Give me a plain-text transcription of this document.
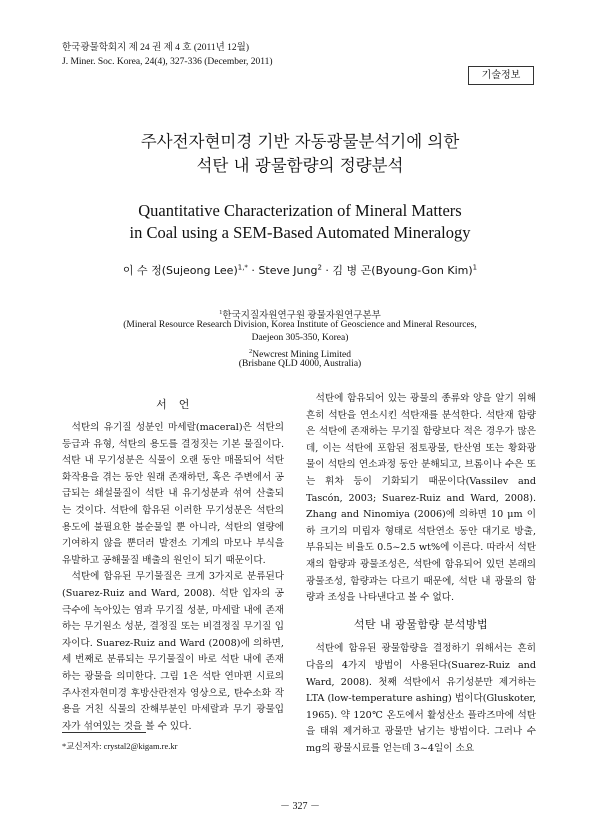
한국광물학회지 제 24 권 제 4 호 (2011년 12월)
J. Miner. Soc. Korea, 24(4), 327-336 (December, 2011)
기술정보
주사전자현미경 기반 자동광물분석기에 의한
석탄 내 광물함량의 정량분석
Quantitative Characterization of Mineral Matters
in Coal using a SEM-Based Automated Mineralogy
이 수 정(Sujeong Lee)$^{1,*}$ · Steve Jung$^2$ · 김 병 곤(Byoung-Gon Kim)$^1$
$^1$한국지질자원연구원 광물자원연구본부
(Mineral Resource Research Division, Korea Institute of Geoscience and Mineral Resources,
Daejeon 305-350, Korea)
$^2$Newcrest Mining Limited
(Brisbane QLD 4000, Australia)
서　언

석탄의 유기질 성분인 마세랄(maceral)은 석탄의 등급과 유형, 석탄의 용도를 결정짓는 기본 물질이다. 석탄 내 무기성분은 식물이 오랜 동안 매몰되어 석탄화작용을 겪는 동안 원래 존재하던, 혹은 주변에서 공급되는 쇄설물질이 석탄 내 유기성분과 섞여 산출되는 것이다. 석탄에 함유된 이러한 무기성분은 석탄의 용도에 불필요한 불순물일 뿐 아니라, 석탄의 열량에 기여하지 않을 뿐더러 발전소 기계의 마모나 부식을 유발하고 공해물질 배출의 원인이 되기 때문이다.

석탄에 함유된 무기물질은 크게 3가지로 분류된다(Suarez-Ruiz and Ward, 2008). 석탄 입자의 공극수에 녹아있는 염과 무기질 성분, 마세랄 내에 존재하는 무기원소 성분, 결정질 또는 비결정질 무기질 입자이다. Suarez-Ruiz and Ward (2008)에 의하면, 세 번째로 분류되는 무기물질이 바로 석탄 내에 존재하는 광물을 의미한다. 그림 1은 석탄 연마편 시료의 주사전자현미경 후방산란전자 영상으로, 탄수소화 작용을 거친 식물의 잔해부분인 마세랄과 무기 광물입자가 섞여있는 것을 볼 수 있다.

석탄에 함유되어 있는 광물의 종류와 양을 알기 위해 흔히 석탄을 연소시킨 석탄재를 분석한다. 석탄재 함량은 석탄에 존재하는 무기질 함량보다 적은 경우가 많은데, 이는 석탄에 포함된 점토광물, 탄산염 또는 황화광물이 석탄의 연소과정 동안 분해되고, 브롬이나 수은 또는 휘차 등이 기화되기 때문이다(Vassilev and Tascón, 2003; Suarez-Ruiz and Ward, 2008). Zhang and Ninomiya (2006)에 의하면 10 μm 이하 크기의 미립자 형태로 석탄연소 동안 대기로 방출, 부유되는 비율도 0.5~2.5 wt%에 이른다. 따라서 석탄재의 함량과 광물조성은, 석탄에 함유되어 있던 본래의 광물조성, 함량과는 다르기 때문에, 석탄 내 광물의 함량과 조성을 나타낸다고 볼 수 없다.

석탄 내 광물함량 분석방법

석탄에 함유된 광물함량을 결정하기 위해서는 흔히 다음의 4가지 방법이 사용된다(Suarez-Ruiz and Ward, 2008). 첫째 석탄에서 유기성분만 제거하는 LTA (low-temperature ashing) 법이다(Gluskoter, 1965). 약 120℃ 온도에서 활성산소 플라즈마에 석탄을 태워 제거하고 광물만 남기는 방법이다. 그러나 수 mg의 광물시료를 얻는데 3~4일이 소요

*교신저자: crystal2@kigam.re.kr
－ 327 －
